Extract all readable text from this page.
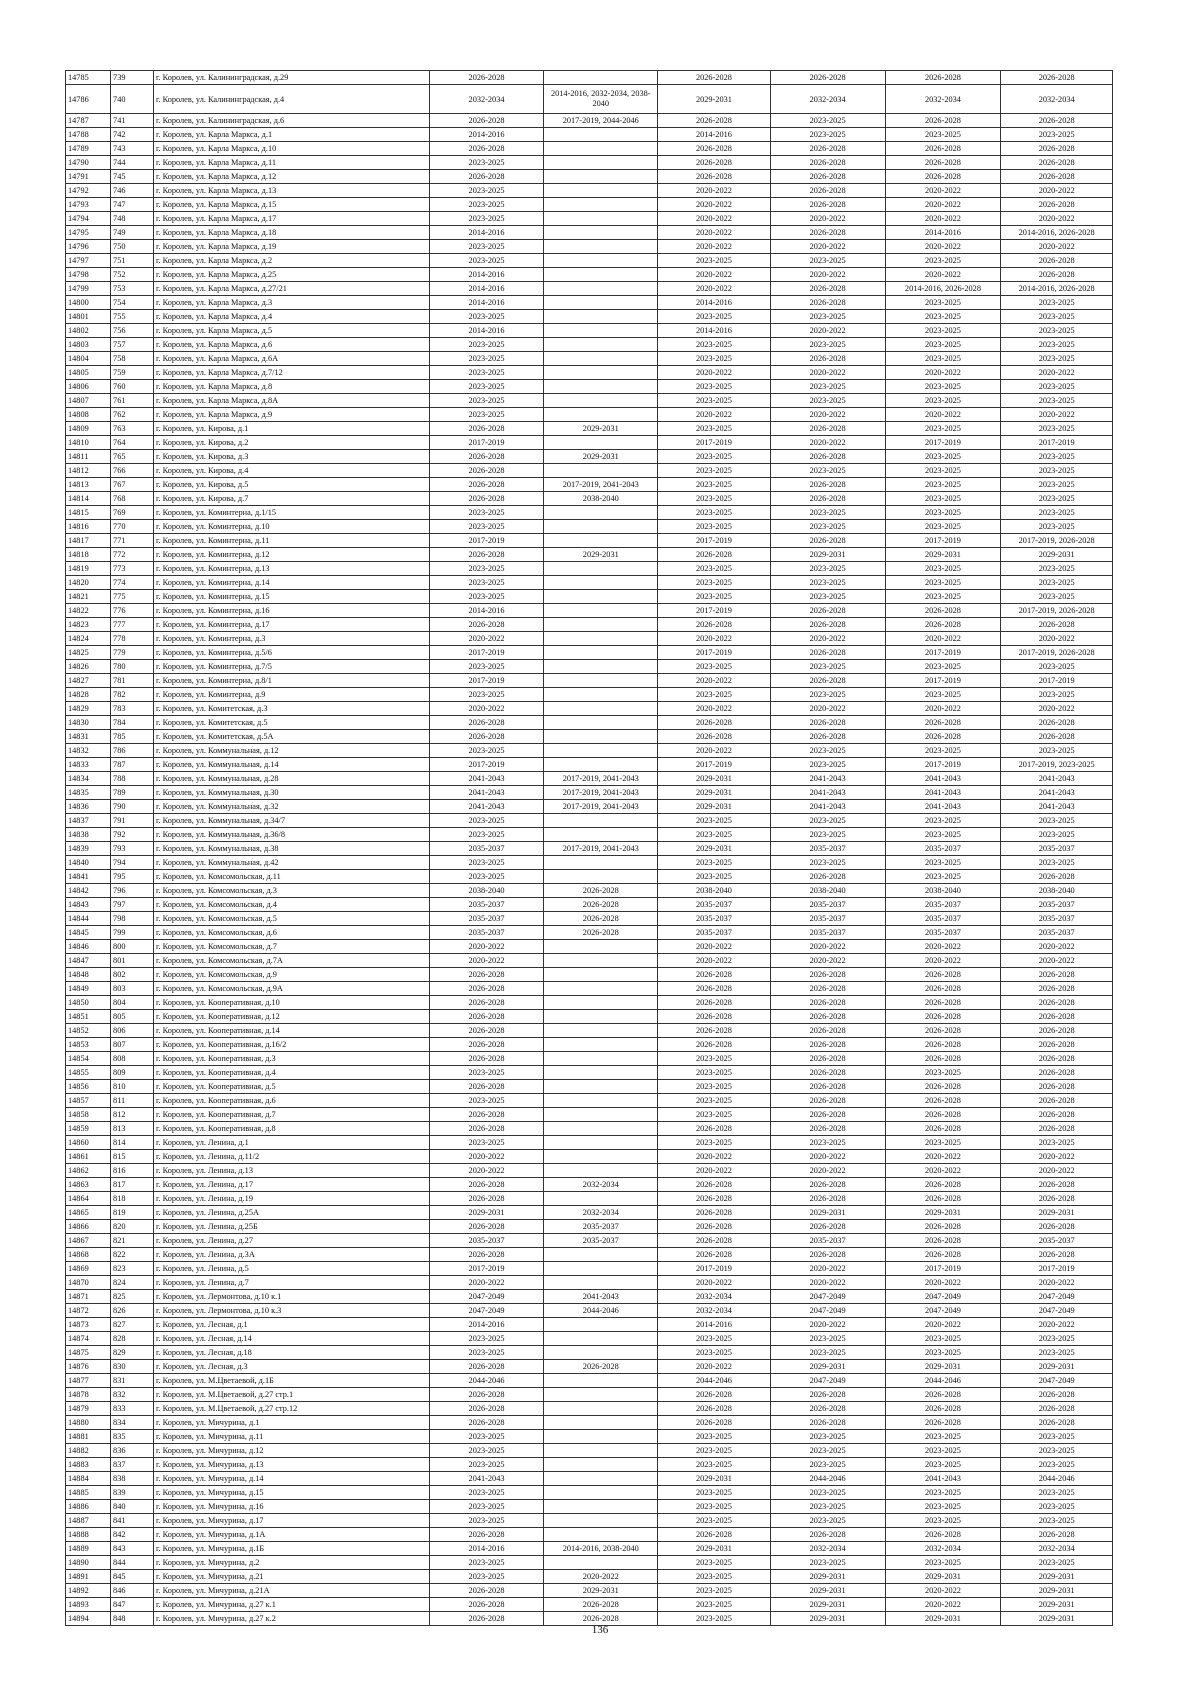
14785	739	г. Королев, ул. Калининградская, д.29	2026-2028		2026-2028	2026-2028	2026-2028	2026-2028
14786	740	г. Королев, ул. Калининградская, д.4	2032-2034	2014-2016, 2032-2034, 2038-2040	2029-2031	2032-2034	2032-2034	2032-2034
14787	741	г. Королев, ул. Калининградская, д.6	2026-2028	2017-2019, 2044-2046	2026-2028	2023-2025	2026-2028	2026-2028
14788	742	г. Королев, ул. Карла Маркса, д.1	2014-2016		2014-2016	2023-2025	2023-2025	2023-2025
14789	743	г. Королев, ул. Карла Маркса, д.10	2026-2028		2026-2028	2026-2028	2026-2028	2026-2028
14790	744	г. Королев, ул. Карла Маркса, д.11	2023-2025		2026-2028	2026-2028	2026-2028	2026-2028
14791	745	г. Королев, ул. Карла Маркса, д.12	2026-2028		2026-2028	2026-2028	2026-2028	2026-2028
14792	746	г. Королев, ул. Карла Маркса, д.13	2023-2025		2020-2022	2026-2028	2020-2022	2020-2022
14793	747	г. Королев, ул. Карла Маркса, д.15	2023-2025		2020-2022	2026-2028	2020-2022	2026-2028
14794	748	г. Королев, ул. Карла Маркса, д.17	2023-2025		2020-2022	2020-2022	2020-2022	2020-2022
14795	749	г. Королев, ул. Карла Маркса, д.18	2014-2016		2020-2022	2026-2028	2014-2016	2014-2016, 2026-2028
14796	750	г. Королев, ул. Карла Маркса, д.19	2023-2025		2020-2022	2020-2022	2020-2022	2020-2022
14797	751	г. Королев, ул. Карла Маркса, д.2	2023-2025		2023-2025	2023-2025	2023-2025	2026-2028
14798	752	г. Королев, ул. Карла Маркса, д.25	2014-2016		2020-2022	2020-2022	2020-2022	2026-2028
14799	753	г. Королев, ул. Карла Маркса, д.27/21	2014-2016		2020-2022	2026-2028	2014-2016, 2026-2028	2014-2016, 2026-2028
14800	754	г. Королев, ул. Карла Маркса, д.3	2014-2016		2014-2016	2026-2028	2023-2025	2023-2025
14801	755	г. Королев, ул. Карла Маркса, д.4	2023-2025		2023-2025	2023-2025	2023-2025	2023-2025
14802	756	г. Королев, ул. Карла Маркса, д.5	2014-2016		2014-2016	2020-2022	2023-2025	2023-2025
14803	757	г. Королев, ул. Карла Маркса, д.6	2023-2025		2023-2025	2023-2025	2023-2025	2023-2025
14804	758	г. Королев, ул. Карла Маркса, д.6А	2023-2025		2023-2025	2026-2028	2023-2025	2023-2025
14805	759	г. Королев, ул. Карла Маркса, д.7/12	2023-2025		2020-2022	2020-2022	2020-2022	2020-2022
14806	760	г. Королев, ул. Карла Маркса, д.8	2023-2025		2023-2025	2023-2025	2023-2025	2023-2025
14807	761	г. Королев, ул. Карла Маркса, д.8А	2023-2025		2023-2025	2023-2025	2023-2025	2023-2025
14808	762	г. Королев, ул. Карла Маркса, д.9	2023-2025		2020-2022	2020-2022	2020-2022	2020-2022
14809	763	г. Королев, ул. Кирова, д.1	2026-2028	2029-2031	2023-2025	2026-2028	2023-2025	2023-2025
14810	764	г. Королев, ул. Кирова, д.2	2017-2019		2017-2019	2020-2022	2017-2019	2017-2019
14811	765	г. Королев, ул. Кирова, д.3	2026-2028	2029-2031	2023-2025	2026-2028	2023-2025	2023-2025
14812	766	г. Королев, ул. Кирова, д.4	2026-2028		2023-2025	2023-2025	2023-2025	2023-2025
14813	767	г. Королев, ул. Кирова, д.5	2026-2028	2017-2019, 2041-2043	2023-2025	2026-2028	2023-2025	2023-2025
14814	768	г. Королев, ул. Кирова, д.7	2026-2028	2038-2040	2023-2025	2026-2028	2023-2025	2023-2025
14815	769	г. Королев, ул. Коминтерна, д.1/15	2023-2025		2023-2025	2023-2025	2023-2025	2023-2025
14816	770	г. Королев, ул. Коминтерна, д.10	2023-2025		2023-2025	2023-2025	2023-2025	2023-2025
14817	771	г. Королев, ул. Коминтерна, д.11	2017-2019		2017-2019	2026-2028	2017-2019	2017-2019, 2026-2028
14818	772	г. Королев, ул. Коминтерна, д.12	2026-2028	2029-2031	2026-2028	2029-2031	2029-2031	2029-2031
14819	773	г. Королев, ул. Коминтерна, д.13	2023-2025		2023-2025	2023-2025	2023-2025	2023-2025
14820	774	г. Королев, ул. Коминтерна, д.14	2023-2025		2023-2025	2023-2025	2023-2025	2023-2025
14821	775	г. Королев, ул. Коминтерна, д.15	2023-2025		2023-2025	2023-2025	2023-2025	2023-2025
14822	776	г. Королев, ул. Коминтерна, д.16	2014-2016		2017-2019	2026-2028	2026-2028	2017-2019, 2026-2028
14823	777	г. Королев, ул. Коминтерна, д.17	2026-2028		2026-2028	2026-2028	2026-2028	2026-2028
14824	778	г. Королев, ул. Коминтерна, д.3	2020-2022		2020-2022	2020-2022	2020-2022	2020-2022
14825	779	г. Королев, ул. Коминтерна, д.5/6	2017-2019		2017-2019	2026-2028	2017-2019	2017-2019, 2026-2028
14826	780	г. Королев, ул. Коминтерна, д.7/5	2023-2025		2023-2025	2023-2025	2023-2025	2023-2025
14827	781	г. Королев, ул. Коминтерна, д.8/1	2017-2019		2020-2022	2026-2028	2017-2019	2017-2019
14828	782	г. Королев, ул. Коминтерна, д.9	2023-2025		2023-2025	2023-2025	2023-2025	2023-2025
14829	783	г. Королев, ул. Комитетская, д.3	2020-2022		2020-2022	2020-2022	2020-2022	2020-2022
14830	784	г. Королев, ул. Комитетская, д.5	2026-2028		2026-2028	2026-2028	2026-2028	2026-2028
14831	785	г. Королев, ул. Комитетская, д.5А	2026-2028		2026-2028	2026-2028	2026-2028	2026-2028
14832	786	г. Королев, ул. Коммунальная, д.12	2023-2025		2020-2022	2023-2025	2023-2025	2023-2025
14833	787	г. Королев, ул. Коммунальная, д.14	2017-2019		2017-2019	2023-2025	2017-2019	2017-2019, 2023-2025
14834	788	г. Королев, ул. Коммунальная, д.28	2041-2043	2017-2019, 2041-2043	2029-2031	2041-2043	2041-2043	2041-2043
14835	789	г. Королев, ул. Коммунальная, д.30	2041-2043	2017-2019, 2041-2043	2029-2031	2041-2043	2041-2043	2041-2043
14836	790	г. Королев, ул. Коммунальная, д.32	2041-2043	2017-2019, 2041-2043	2029-2031	2041-2043	2041-2043	2041-2043
14837	791	г. Королев, ул. Коммунальная, д.34/7	2023-2025		2023-2025	2023-2025	2023-2025	2023-2025
14838	792	г. Королев, ул. Коммунальная, д.36/8	2023-2025		2023-2025	2023-2025	2023-2025	2023-2025
14839	793	г. Королев, ул. Коммунальная, д.38	2035-2037	2017-2019, 2041-2043	2029-2031	2035-2037	2035-2037	2035-2037
14840	794	г. Королев, ул. Коммунальная, д.42	2023-2025		2023-2025	2023-2025	2023-2025	2023-2025
14841	795	г. Королев, ул. Комсомольская, д.11	2023-2025		2023-2025	2026-2028	2023-2025	2026-2028
14842	796	г. Королев, ул. Комсомольская, д.3	2038-2040	2026-2028	2038-2040	2038-2040	2038-2040	2038-2040
14843	797	г. Королев, ул. Комсомольская, д.4	2035-2037	2026-2028	2035-2037	2035-2037	2035-2037	2035-2037
14844	798	г. Королев, ул. Комсомольская, д.5	2035-2037	2026-2028	2035-2037	2035-2037	2035-2037	2035-2037
14845	799	г. Королев, ул. Комсомольская, д.6	2035-2037	2026-2028	2035-2037	2035-2037	2035-2037	2035-2037
14846	800	г. Королев, ул. Комсомольская, д.7	2020-2022		2020-2022	2020-2022	2020-2022	2020-2022
14847	801	г. Королев, ул. Комсомольская, д.7А	2020-2022		2020-2022	2020-2022	2020-2022	2020-2022
14848	802	г. Королев, ул. Комсомольская, д.9	2026-2028		2026-2028	2026-2028	2026-2028	2026-2028
14849	803	г. Королев, ул. Комсомольская, д.9А	2026-2028		2026-2028	2026-2028	2026-2028	2026-2028
14850	804	г. Королев, ул. Кооперативная, д.10	2026-2028		2026-2028	2026-2028	2026-2028	2026-2028
14851	805	г. Королев, ул. Кооперативная, д.12	2026-2028		2026-2028	2026-2028	2026-2028	2026-2028
14852	806	г. Королев, ул. Кооперативная, д.14	2026-2028		2026-2028	2026-2028	2026-2028	2026-2028
14853	807	г. Королев, ул. Кооперативная, д.16/2	2026-2028		2026-2028	2026-2028	2026-2028	2026-2028
14854	808	г. Королев, ул. Кооперативная, д.3	2026-2028		2023-2025	2026-2028	2026-2028	2026-2028
14855	809	г. Королев, ул. Кооперативная, д.4	2023-2025		2023-2025	2026-2028	2023-2025	2026-2028
14856	810	г. Королев, ул. Кооперативная, д.5	2026-2028		2023-2025	2026-2028	2026-2028	2026-2028
14857	811	г. Королев, ул. Кооперативная, д.6	2023-2025		2023-2025	2026-2028	2026-2028	2026-2028
14858	812	г. Королев, ул. Кооперативная, д.7	2026-2028		2023-2025	2026-2028	2026-2028	2026-2028
14859	813	г. Королев, ул. Кооперативная, д.8	2026-2028		2026-2028	2026-2028	2026-2028	2026-2028
14860	814	г. Королев, ул. Ленина, д.1	2023-2025		2023-2025	2023-2025	2023-2025	2023-2025
14861	815	г. Королев, ул. Ленина, д.11/2	2020-2022		2020-2022	2020-2022	2020-2022	2020-2022
14862	816	г. Королев, ул. Ленина, д.13	2020-2022		2020-2022	2020-2022	2020-2022	2020-2022
14863	817	г. Королев, ул. Ленина, д.17	2026-2028	2032-2034	2026-2028	2026-2028	2026-2028	2026-2028
14864	818	г. Королев, ул. Ленина, д.19	2026-2028		2026-2028	2026-2028	2026-2028	2026-2028
14865	819	г. Королев, ул. Ленина, д.25А	2029-2031	2032-2034	2026-2028	2029-2031	2029-2031	2029-2031
14866	820	г. Королев, ул. Ленина, д.25Б	2026-2028	2035-2037	2026-2028	2026-2028	2026-2028	2026-2028
14867	821	г. Королев, ул. Ленина, д.27	2035-2037	2035-2037	2026-2028	2035-2037	2026-2028	2035-2037
14868	822	г. Королев, ул. Ленина, д.3А	2026-2028		2026-2028	2026-2028	2026-2028	2026-2028
14869	823	г. Королев, ул. Ленина, д.5	2017-2019		2017-2019	2020-2022	2017-2019	2017-2019
14870	824	г. Королев, ул. Ленина, д.7	2020-2022		2020-2022	2020-2022	2020-2022	2020-2022
14871	825	г. Королев, ул. Лермонтова, д.10 к.1	2047-2049	2041-2043	2032-2034	2047-2049	2047-2049	2047-2049
14872	826	г. Королев, ул. Лермонтова, д.10 к.3	2047-2049	2044-2046	2032-2034	2047-2049	2047-2049	2047-2049
14873	827	г. Королев, ул. Лесная, д.1	2014-2016		2014-2016	2020-2022	2020-2022	2020-2022
14874	828	г. Королев, ул. Лесная, д.14	2023-2025		2023-2025	2023-2025	2023-2025	2023-2025
14875	829	г. Королев, ул. Лесная, д.18	2023-2025		2023-2025	2023-2025	2023-2025	2023-2025
14876	830	г. Королев, ул. Лесная, д.3	2026-2028	2026-2028	2020-2022	2029-2031	2029-2031	2029-2031
14877	831	г. Королев, ул. М.Цветаевой, д.1Б	2044-2046		2044-2046	2047-2049	2044-2046	2047-2049
14878	832	г. Королев, ул. М.Цветаевой, д.27 стр.1	2026-2028		2026-2028	2026-2028	2026-2028	2026-2028
14879	833	г. Королев, ул. М.Цветаевой, д.27 стр.12	2026-2028		2026-2028	2026-2028	2026-2028	2026-2028
14880	834	г. Королев, ул. Мичурина, д.1	2026-2028		2026-2028	2026-2028	2026-2028	2026-2028
14881	835	г. Королев, ул. Мичурина, д.11	2023-2025		2023-2025	2023-2025	2023-2025	2023-2025
14882	836	г. Королев, ул. Мичурина, д.12	2023-2025		2023-2025	2023-2025	2023-2025	2023-2025
14883	837	г. Королев, ул. Мичурина, д.13	2023-2025		2023-2025	2023-2025	2023-2025	2023-2025
14884	838	г. Королев, ул. Мичурина, д.14	2041-2043		2029-2031	2044-2046	2041-2043	2044-2046
14885	839	г. Королев, ул. Мичурина, д.15	2023-2025		2023-2025	2023-2025	2023-2025	2023-2025
14886	840	г. Королев, ул. Мичурина, д.16	2023-2025		2023-2025	2023-2025	2023-2025	2023-2025
14887	841	г. Королев, ул. Мичурина, д.17	2023-2025		2023-2025	2023-2025	2023-2025	2023-2025
14888	842	г. Королев, ул. Мичурина, д.1А	2026-2028		2026-2028	2026-2028	2026-2028	2026-2028
14889	843	г. Королев, ул. Мичурина, д.1Б	2014-2016	2014-2016, 2038-2040	2029-2031	2032-2034	2032-2034	2032-2034
14890	844	г. Королев, ул. Мичурина, д.2	2023-2025		2023-2025	2023-2025	2023-2025	2023-2025
14891	845	г. Королев, ул. Мичурина, д.21	2023-2025	2020-2022	2023-2025	2029-2031	2029-2031	2029-2031
14892	846	г. Королев, ул. Мичурина, д.21А	2026-2028	2029-2031	2023-2025	2029-2031	2020-2022	2029-2031
14893	847	г. Королев, ул. Мичурина, д.27 к.1	2026-2028	2026-2028	2023-2025	2029-2031	2020-2022	2029-2031
14894	848	г. Королев, ул. Мичурина, д.27 к.2	2026-2028	2026-2028	2023-2025	2029-2031	2029-2031	2029-2031
136
